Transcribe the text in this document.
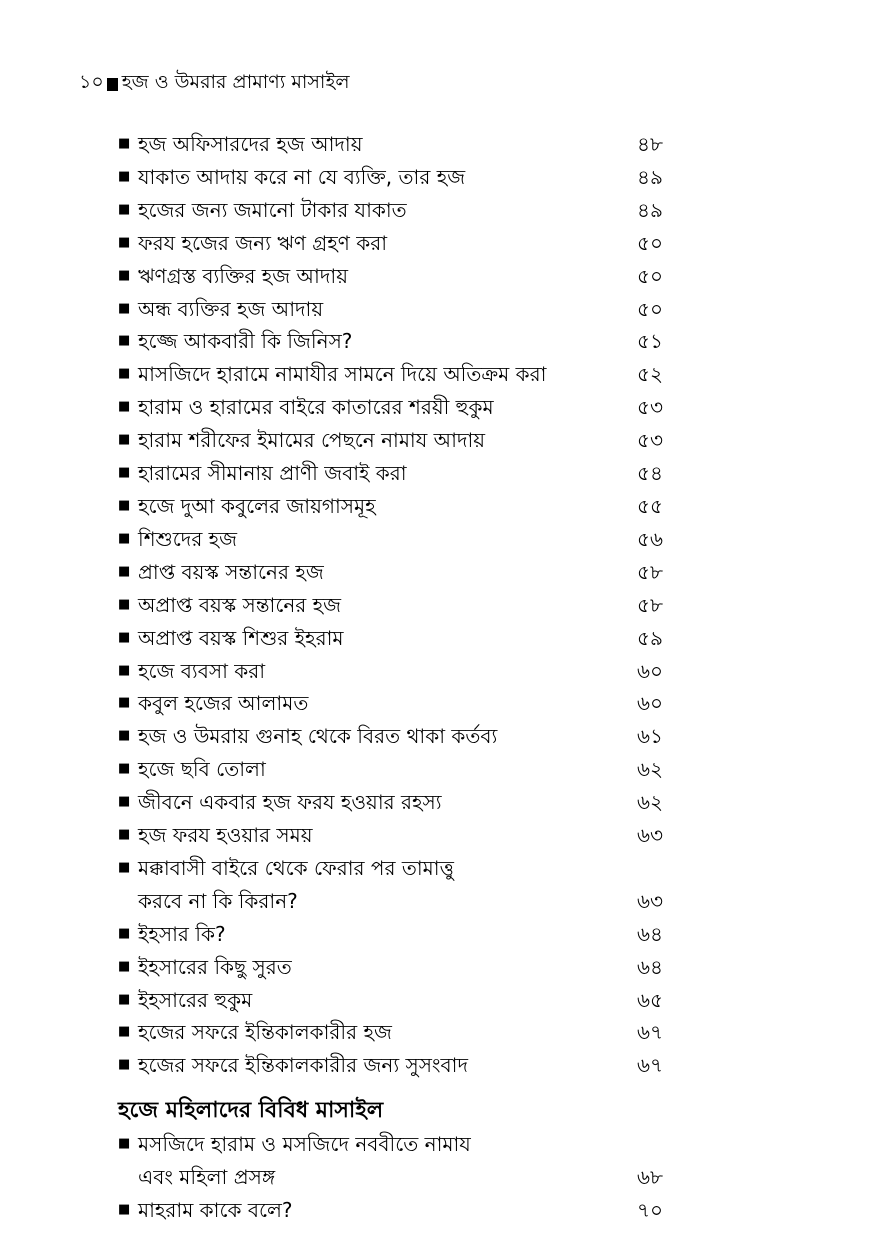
১০ হজ ও উমরার প্রামাণ্য মাসাইল
■ হজ অফিসারদের হজ আদায়	৪৮
■ যাকাত আদায় করে না যে ব্যক্তি, তার হজ	৪৯
■ হজের জন্য জমানো টাকার যাকাত	৪৯
■ ফরয হজের জন্য ঋণ গ্রহণ করা	৫০
■ ঋণগ্রস্ত ব্যক্তির হজ আদায়	৫০
■ অন্ধ ব্যক্তির হজ আদায়	৫০
■ হজ্জে আকবারী কি জিনিস?	৫১
■ মাসজিদে হারামে নামাযীর সামনে দিয়ে অতিক্রম করা	৫২
■ হারাম ও হারামের বাইরে কাতারের শরয়ী হুকুম	৫৩
■ হারাম শরীফের ইমামের পেছনে নামায আদায়	৫৩
■ হারামের সীমানায় প্রাণী জবাই করা	৫৪
■ হজে দুআ কবুলের জায়গাসমূহ	৫৫
■ শিশুদের হজ	৫৬
■ প্রাপ্ত বয়স্ক সন্তানের হজ	৫৮
■ অপ্রাপ্ত বয়স্ক সন্তানের হজ	৫৮
■ অপ্রাপ্ত বয়স্ক শিশুর ইহরাম	৫৯
■ হজে ব্যবসা করা	৬০
■ কবুল হজের আলামত	৬০
■ হজ ও উমরায় গুনাহ থেকে বিরত থাকা কর্তব্য	৬১
■ হজে ছবি তোলা	৬২
■ জীবনে একবার হজ ফরয হওয়ার রহস্য	৬২
■ হজ ফরয হওয়ার সময়	৬৩
■ মক্কাবাসী বাইরে থেকে ফেরার পর তামাত্তু
করবে না কি কিরান?	৬৩
■ ইহসার কি?	৬৪
■ ইহসারের কিছু সুরত	৬৪
■ ইহসারের হুকুম	৬৫
■ হজের সফরে ইন্তিকালকারীর হজ	৬৭
■ হজের সফরে ইন্তিকালকারীর জন্য সুসংবাদ	৬৭
হজে মহিলাদের বিবিধ মাসাইল
■ মসজিদে হারাম ও মসজিদে নববীতে নামায
এবং মহিলা প্রসঙ্গ	৬৮
■ মাহরাম কাকে বলে?	৭০
